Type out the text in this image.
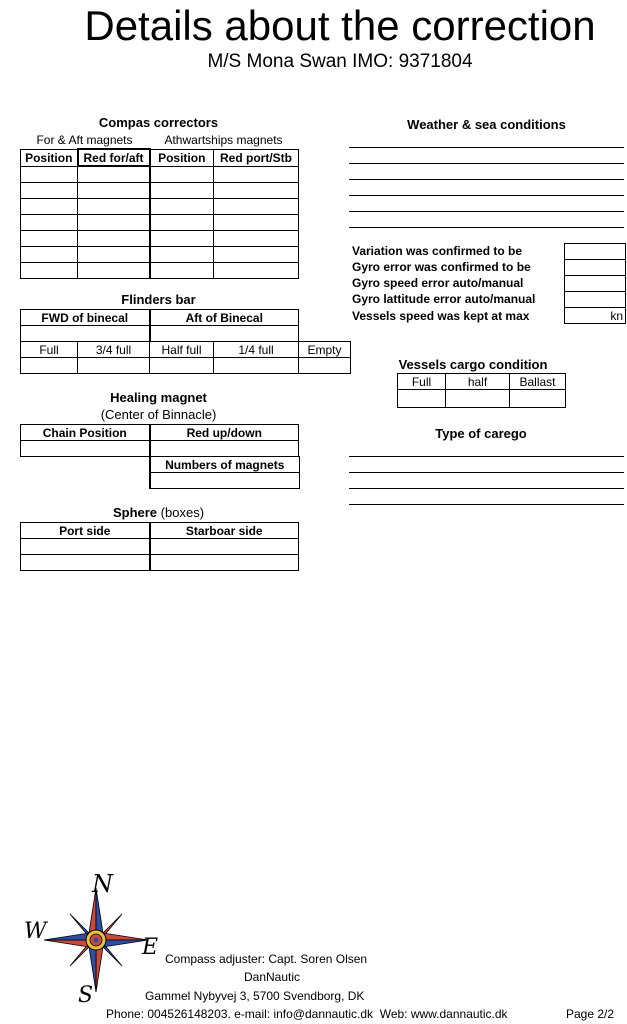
Details about the correction
M/S Mona Swan IMO: 9371804
Compas correctors
For & Aft magnets	Athwartships magnets
Position	Red for/aft	Position	Red port/Stb

Flinders bar
FWD of binecal	Aft of Binecal

Full	3/4 full	Half full	1/4 full	Empty

Healing magnet
(Center of Binnacle)
Chain Position	Red up/down

Numbers of magnets

Sphere (boxes)
Port side	Starboar side

Weather & sea conditions
Variation was confirmed to be
Gyro error was confirmed to be
Gyro speed error auto/manual
Gyro lattitude error auto/manual
Vessels speed was kept at max	kn
Vessels cargo condition
Full	half	Ballast

Type of carego
N
E
S
W
Compass adjuster: Capt. Soren Olsen
DanNautic
Gammel Nybyvej 3, 5700 Svendborg, DK
Phone: 004526148203. e-mail: info@dannautic.dk  Web: www.dannautic.dk	Page 2/2
